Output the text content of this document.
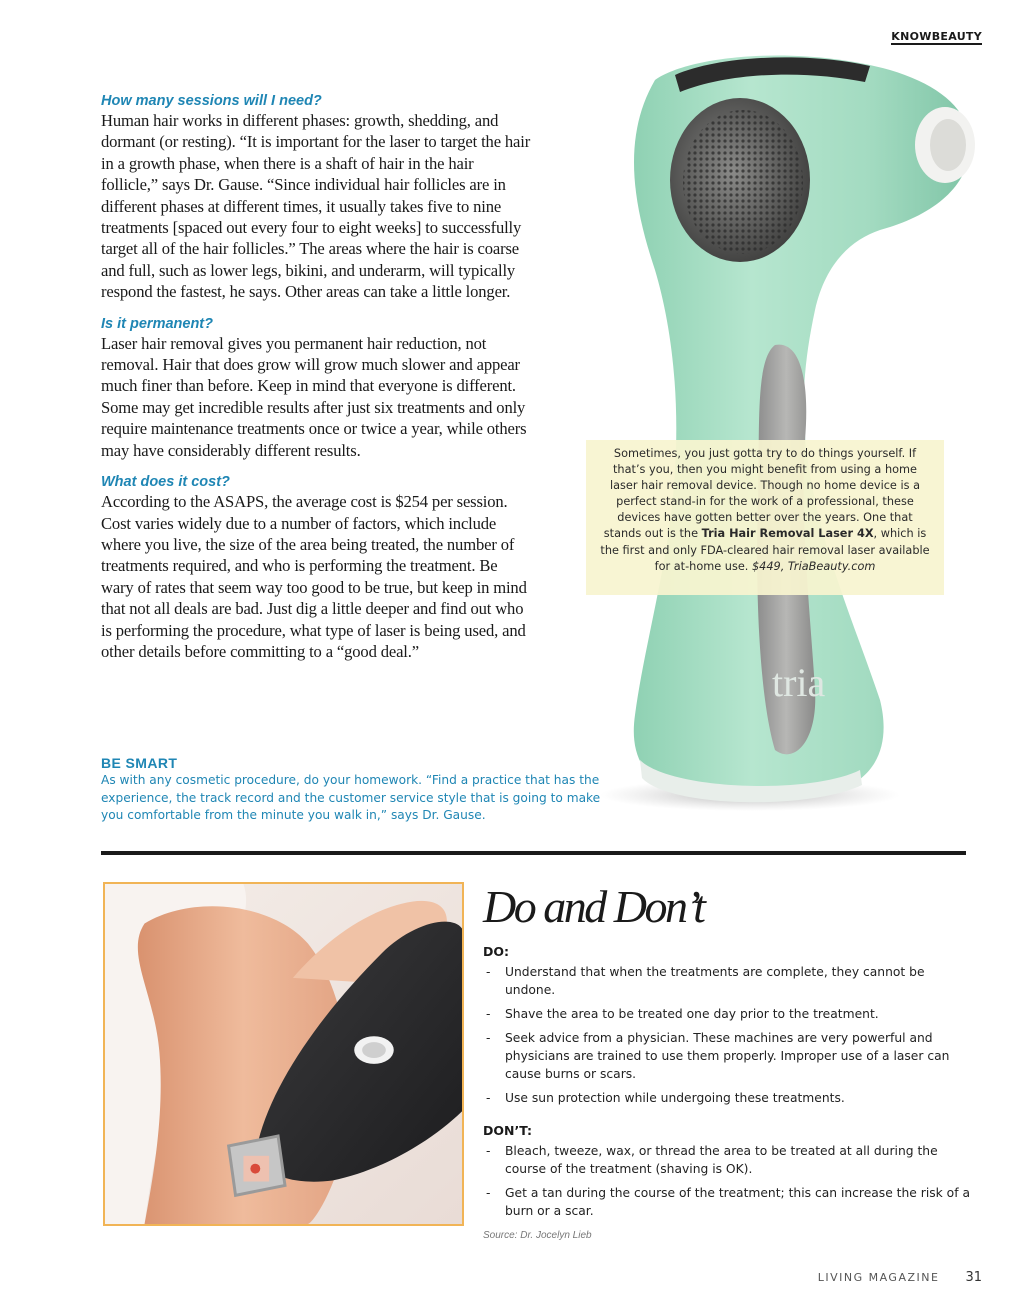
KNOWBEAUTY
tria
How many sessions will I need?

Human hair works in different phases: growth, shedding, and dormant (or resting). “It is important for the laser to target the hair in a growth phase, when there is a shaft of hair in the hair follicle,” says Dr. Gause. “Since individual hair follicles are in different phases at different times, it usually takes five to nine treatments [spaced out every four to eight weeks] to successfully target all of the hair follicles.” The areas where the hair is coarse and full, such as lower legs, bikini, and underarm, will typically respond the fastest, he says. Other areas can take a little longer.

Is it permanent?

Laser hair removal gives you permanent hair reduction, not removal. Hair that does grow will grow much slower and appear much finer than before. Keep in mind that everyone is different. Some may get incredible results after just six treatments and only require maintenance treatments once or twice a year, while others may have considerably different results.

What does it cost?

According to the ASAPS, the average cost is $254 per session. Cost varies widely due to a number of factors, which include where you live, the size of the area being treated, the number of treatments required, and who is performing the treatment. Be wary of rates that seem way too good to be true, but keep in mind that not all deals are bad. Just dig a little deeper and find out who is performing the procedure, what type of laser is being used, and other details before committing to a “good deal.”

BE SMART

As with any cosmetic procedure, do your homework. “Find a practice that has the experience, the track record and the customer service style that is going to make you comfortable from the minute you walk in,” says Dr. Gause.

Sometimes, you just gotta try to do things yourself. If that’s you, then you might benefit from using a home laser hair removal device. Though no home device is a perfect stand-in for the work of a professional, these devices have gotten better over the years. One that stands out is the Tria Hair Removal Laser 4X, which is the first and only FDA-cleared hair removal laser available for at-home use. $449, TriaBeauty.com

Do and Don’t
DO:
- Understand that when the treatments are complete, they cannot be undone.
- Shave the area to be treated one day prior to the treatment.
- Seek advice from a physician. These machines are very powerful and physicians are trained to use them properly. Improper use of a laser can cause burns or scars.
- Use sun protection while undergoing these treatments.
DON’T:
- Bleach, tweeze, wax, or thread the area to be treated at all during the course of the treatment (shaving is OK).
- Get a tan during the course of the treatment; this can increase the risk of a burn or a scar.
Source: Dr. Jocelyn Lieb
LIVING MAGAZINE 31
